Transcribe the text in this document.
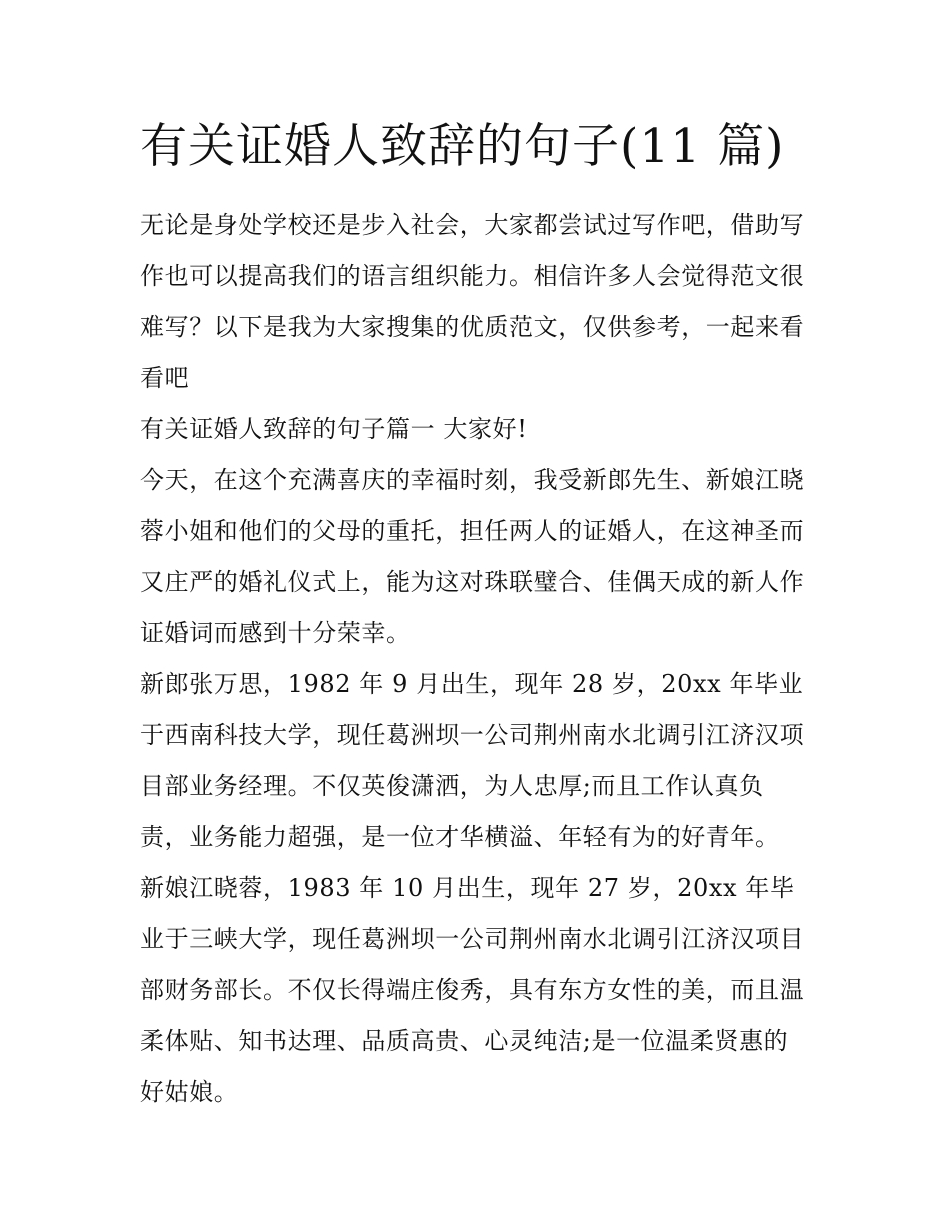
有关证婚人致辞的句子(11 篇)

无论是身处学校还是步入社会，大家都尝试过写作吧，借助写作也可以提高我们的语言组织能力。相信许多人会觉得范文很难写？以下是我为大家搜集的优质范文，仅供参考，一起来看看吧

有关证婚人致辞的句子篇一 大家好!

今天，在这个充满喜庆的幸福时刻，我受新郎先生、新娘江晓蓉小姐和他们的父母的重托，担任两人的证婚人，在这神圣而又庄严的婚礼仪式上，能为这对珠联璧合、佳偶天成的新人作证婚词而感到十分荣幸。

新郎张万思，1982 年 9 月出生，现年 28 岁，20xx 年毕业于西南科技大学，现任葛洲坝一公司荆州南水北调引江济汉项目部业务经理。不仅英俊潇洒，为人忠厚;而且工作认真负责，业务能力超强，是一位才华横溢、年轻有为的好青年。

新娘江晓蓉，1983 年 10 月出生，现年 27 岁，20xx 年毕业于三峡大学，现任葛洲坝一公司荆州南水北调引江济汉项目部财务部长。不仅长得端庄俊秀，具有东方女性的美，而且温柔体贴、知书达理、品质高贵、心灵纯洁;是一位温柔贤惠的好姑娘。
